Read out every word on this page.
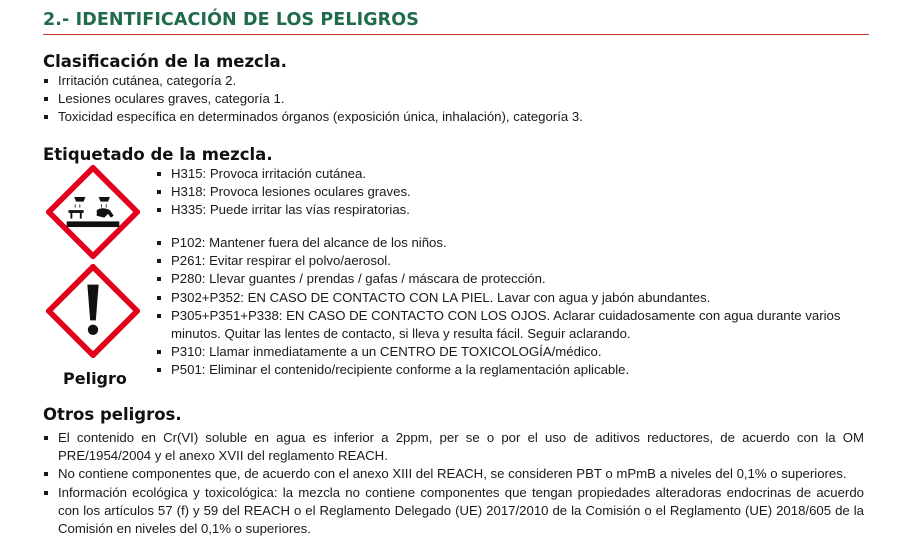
2.- IDENTIFICACIÓN DE LOS PELIGROS
Clasificación de la mezcla.
Irritación cutánea, categoría 2.
Lesiones oculares graves, categoría 1.
Toxicidad específica en determinados órganos (exposición única, inhalación), categoría 3.
Etiquetado de la mezcla.
Peligro
H315: Provoca irritación cutánea.
H318: Provoca lesiones oculares graves.
H335: Puede irritar las vías respiratorias.
P102: Mantener fuera del alcance de los niños.
P261: Evitar respirar el polvo/aerosol.
P280: Llevar guantes / prendas / gafas / máscara de protección.
P302+P352: EN CASO DE CONTACTO CON LA PIEL. Lavar con agua y jabón abundantes.
P305+P351+P338: EN CASO DE CONTACTO CON LOS OJOS. Aclarar cuidadosamente con agua durante varios minutos. Quitar las lentes de contacto, si lleva y resulta fácil. Seguir aclarando.
P310: Llamar inmediatamente a un CENTRO DE TOXICOLOGÍA/médico.
P501: Eliminar el contenido/recipiente conforme a la reglamentación aplicable.
Otros peligros.
El contenido en Cr(VI) soluble en agua es inferior a 2ppm, per se o por el uso de aditivos reductores, de acuerdo con la OM PRE/1954/2004 y el anexo XVII del reglamento REACH.
No contiene componentes que, de acuerdo con el anexo XIII del REACH, se consideren PBT o mPmB a niveles del 0,1% o superiores.
Información ecológica y toxicológica: la mezcla no contiene componentes que tengan propiedades alteradoras endocrinas de acuerdo con los artículos 57 (f) y 59 del REACH o el Reglamento Delegado (UE) 2017/2010 de la Comisión o el Reglamento (UE) 2018/605 de la Comisión en niveles del 0,1% o superiores.
